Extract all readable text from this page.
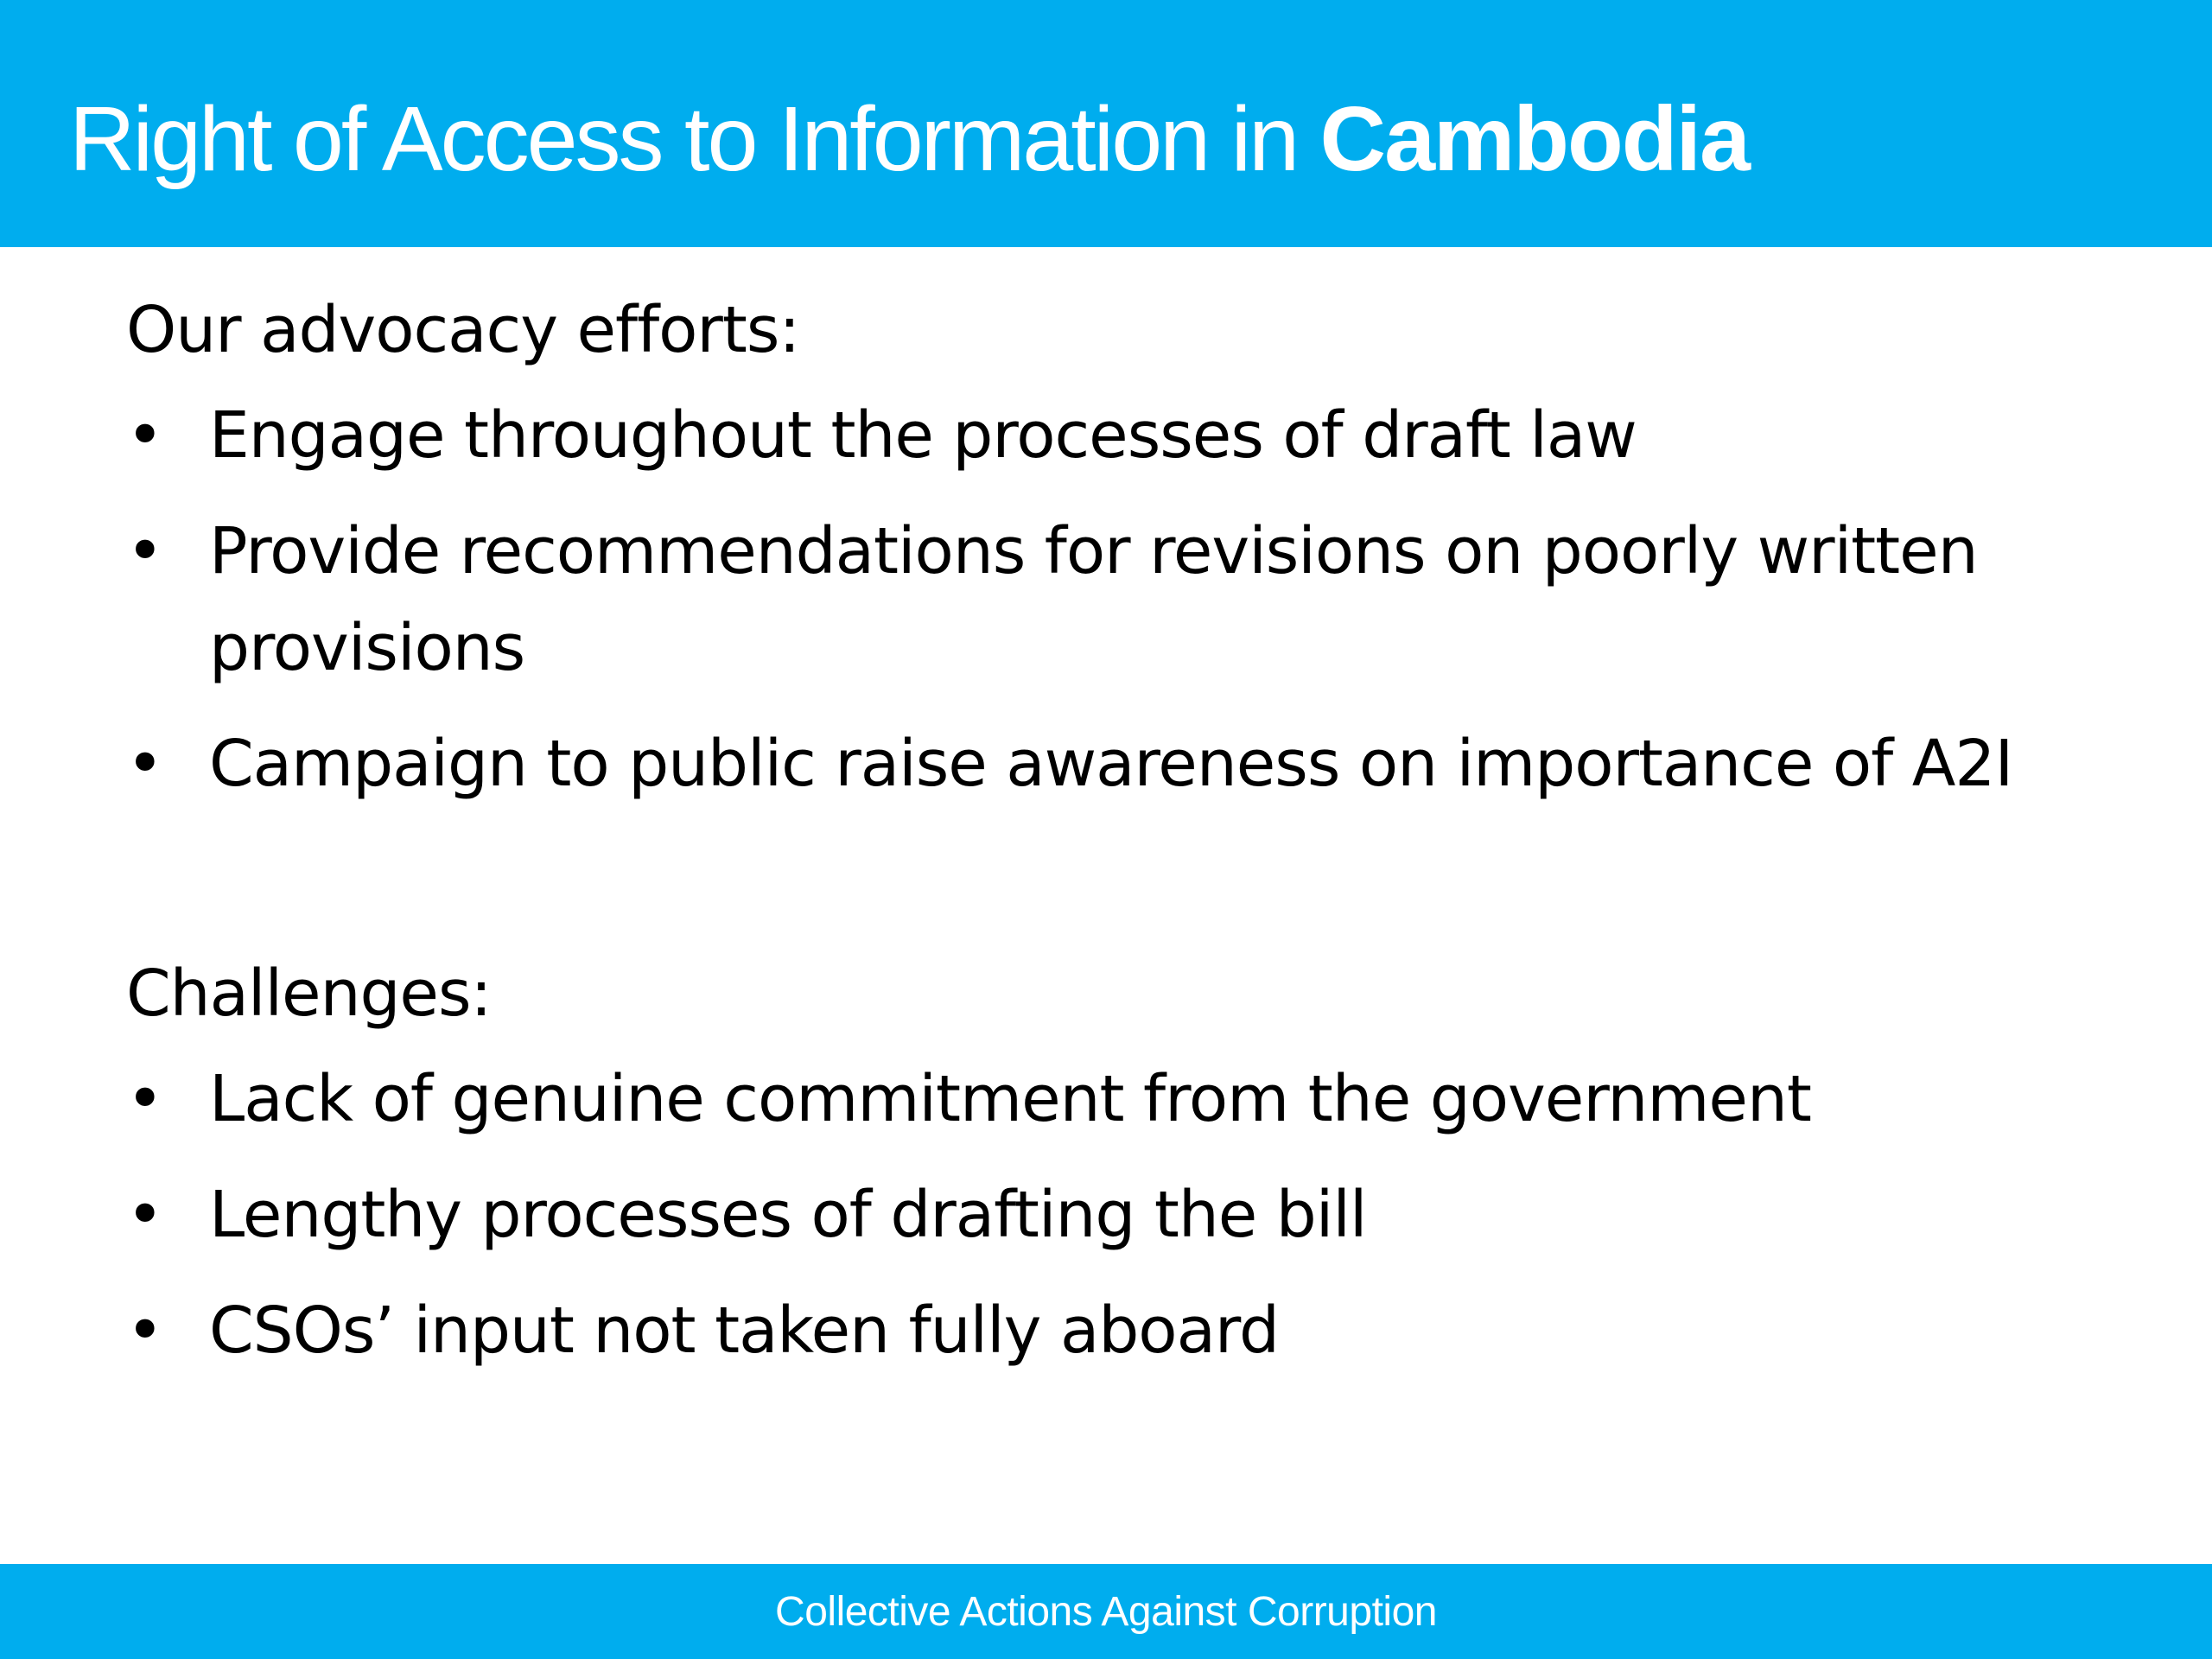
Right of Access to Information in Cambodia
Our advocacy efforts:
• Engage throughout the processes of draft law
• Provide recommendations for revisions on poorly written provisions
• Campaign to public raise awareness on importance of A2I
Challenges:
• Lack of genuine commitment from the government
• Lengthy processes of drafting the bill
• CSOs’ input not taken fully aboard
Collective Actions Against Corruption
